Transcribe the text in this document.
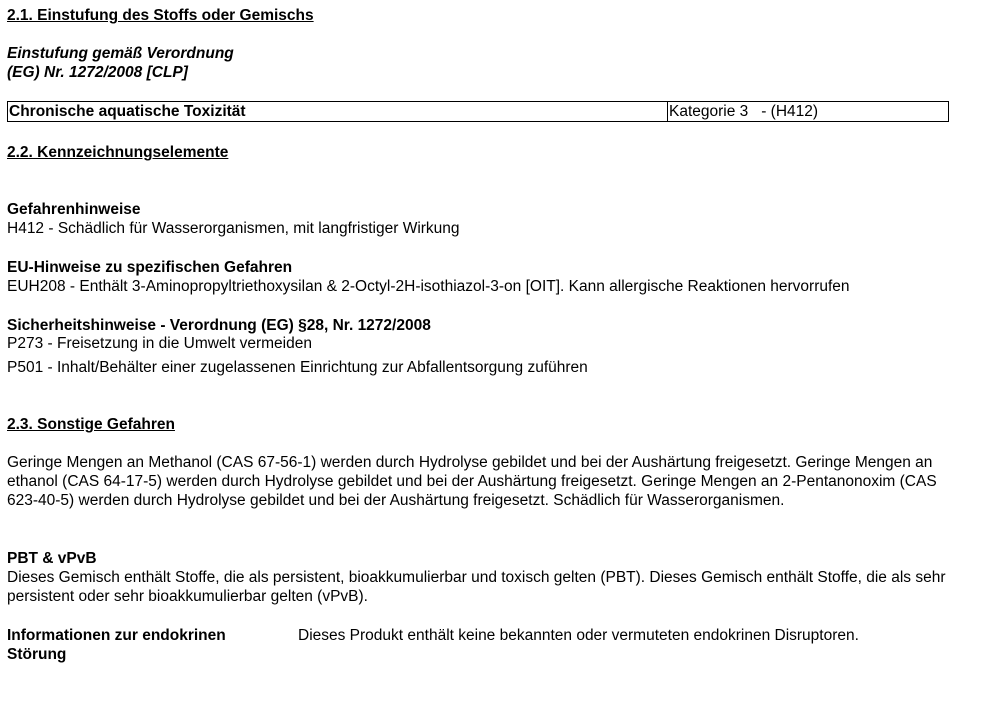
2.1. Einstufung des Stoffs oder Gemischs
Einstufung gemäß Verordnung
(EG) Nr. 1272/2008 [CLP]
Chronische aquatische Toxizität	Kategorie 3   - (H412)
2.2. Kennzeichnungselemente
Gefahrenhinweise
H412 - Schädlich für Wasserorganismen, mit langfristiger Wirkung
EU-Hinweise zu spezifischen Gefahren
EUH208 - Enthält 3-Aminopropyltriethoxysilan & 2-Octyl-2H-isothiazol-3-on [OIT]. Kann allergische Reaktionen hervorrufen
Sicherheitshinweise - Verordnung (EG) §28, Nr. 1272/2008
P273 - Freisetzung in die Umwelt vermeiden
P501 - Inhalt/Behälter einer zugelassenen Einrichtung zur Abfallentsorgung zuführen
2.3. Sonstige Gefahren
Geringe Mengen an Methanol (CAS 67-56-1) werden durch Hydrolyse gebildet und bei der Aushärtung freigesetzt. Geringe Mengen an ethanol (CAS 64-17-5) werden durch Hydrolyse gebildet und bei der Aushärtung freigesetzt. Geringe Mengen an 2-Pentanonoxim (CAS 623-40-5) werden durch Hydrolyse gebildet und bei der Aushärtung freigesetzt. Schädlich für Wasserorganismen.
PBT & vPvB
Dieses Gemisch enthält Stoffe, die als persistent, bioakkumulierbar und toxisch gelten (PBT). Dieses Gemisch enthält Stoffe, die als sehr persistent oder sehr bioakkumulierbar gelten (vPvB).
Informationen zur endokrinen
Störung
Dieses Produkt enthält keine bekannten oder vermuteten endokrinen Disruptoren.
